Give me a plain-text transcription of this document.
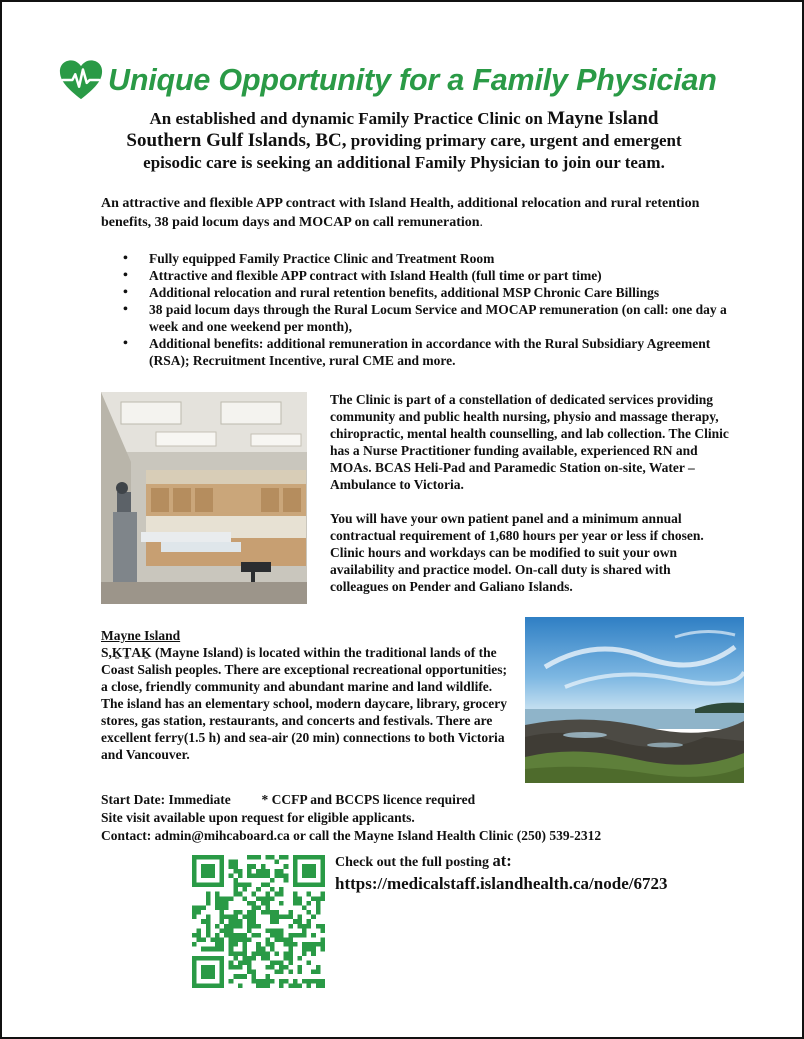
Unique Opportunity for a Family Physician
An established and dynamic Family Practice Clinic on Mayne Island
Southern Gulf Islands, BC, providing primary care, urgent and emergent
episodic care is seeking an additional Family Physician to join our team.

An attractive and flexible APP contract with Island Health, additional relocation and rural retention benefits, 38 paid locum days and MOCAP on call remuneration.

• Fully equipped Family Practice Clinic and Treatment Room
• Attractive and flexible APP contract with Island Health (full time or part time)
• Additional relocation and rural retention benefits, additional MSP Chronic Care Billings
• 38 paid locum days through the Rural Locum Service and MOCAP remuneration (on call: one day a week and one weekend per month),
• Additional benefits: additional remuneration in accordance with the Rural Subsidiary Agreement (RSA); Recruitment Incentive, rural CME and more.

The Clinic is part of a constellation of dedicated services providing community and public health nursing, physio and massage therapy, chiropractic, mental health counselling, and lab collection. The Clinic has a Nurse Practitioner funding available, experienced RN and MOAs. BCAS Heli-Pad and Paramedic Station on-site, Water – Ambulance to Victoria.

You will have your own patient panel and a minimum annual contractual requirement of 1,680 hours per year or less if chosen. Clinic hours and workdays can be modified to suit your own availability and practice model. On-call duty is shared with colleagues on Pender and Galiano Islands.

Mayne Island
S,ḴṮAḴ (Mayne Island) is located within the traditional lands of the Coast Salish peoples. There are exceptional recreational opportunities; a close, friendly community and abundant marine and land wildlife. The island has an elementary school, modern daycare, library, grocery stores, gas station, restaurants, and concerts and festivals. There are excellent ferry(1.5 h) and sea-air (20 min) connections to both Victoria and Vancouver.
Start Date: Immediate * CCFP and BCCPS licence required
Site visit available upon request for eligible applicants.
Contact: admin@mihcaboard.ca or call the Mayne Island Health Clinic (250) 539-2312
Check out the full posting at:
https://medicalstaff.islandhealth.ca/node/6723
